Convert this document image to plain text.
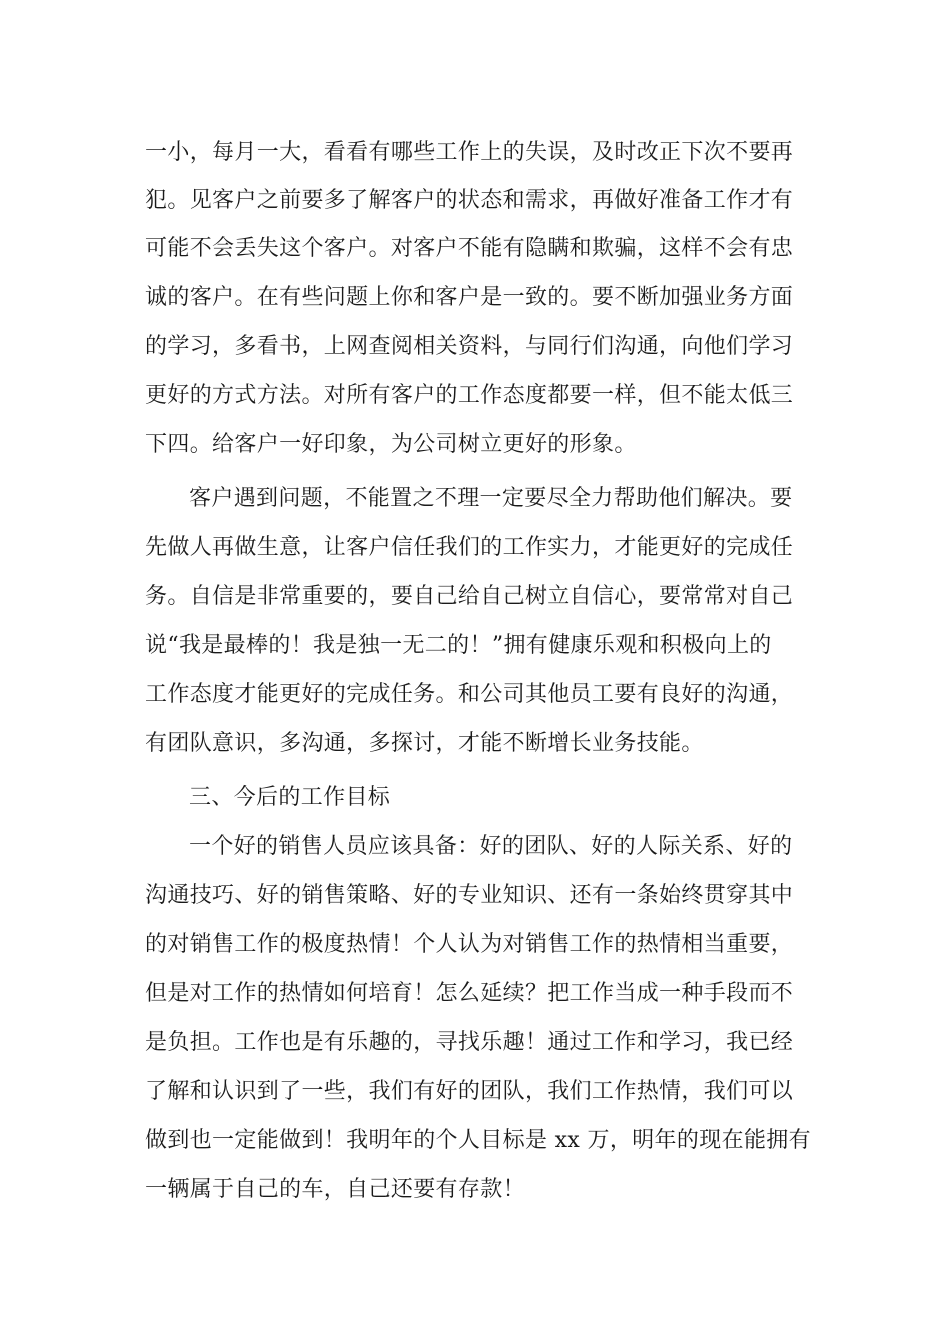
一小，每月一大，看看有哪些工作上的失误，及时改正下次不要再
犯。见客户之前要多了解客户的状态和需求，再做好准备工作才有
可能不会丢失这个客户。对客户不能有隐瞒和欺骗，这样不会有忠
诚的客户。在有些问题上你和客户是一致的。要不断加强业务方面
的学习，多看书，上网查阅相关资料，与同行们沟通，向他们学习
更好的方式方法。对所有客户的工作态度都要一样，但不能太低三
下四。给客户一好印象，为公司树立更好的形象。
客户遇到问题，不能置之不理一定要尽全力帮助他们解决。要
先做人再做生意，让客户信任我们的工作实力，才能更好的完成任
务。自信是非常重要的，要自己给自己树立自信心，要常常对自己
说“我是最棒的！我是独一无二的！”拥有健康乐观和积极向上的
工作态度才能更好的完成任务。和公司其他员工要有良好的沟通，
有团队意识，多沟通，多探讨，才能不断增长业务技能。
三、今后的工作目标
一个好的销售人员应该具备：好的团队、好的人际关系、好的
沟通技巧、好的销售策略、好的专业知识、还有一条始终贯穿其中
的对销售工作的极度热情！个人认为对销售工作的热情相当重要，
但是对工作的热情如何培育！怎么延续？把工作当成一种手段而不
是负担。工作也是有乐趣的，寻找乐趣！通过工作和学习，我已经
了解和认识到了一些，我们有好的团队，我们工作热情，我们可以
做到也一定能做到！我明年的个人目标是 xx 万，明年的现在能拥有
一辆属于自己的车，自己还要有存款！
